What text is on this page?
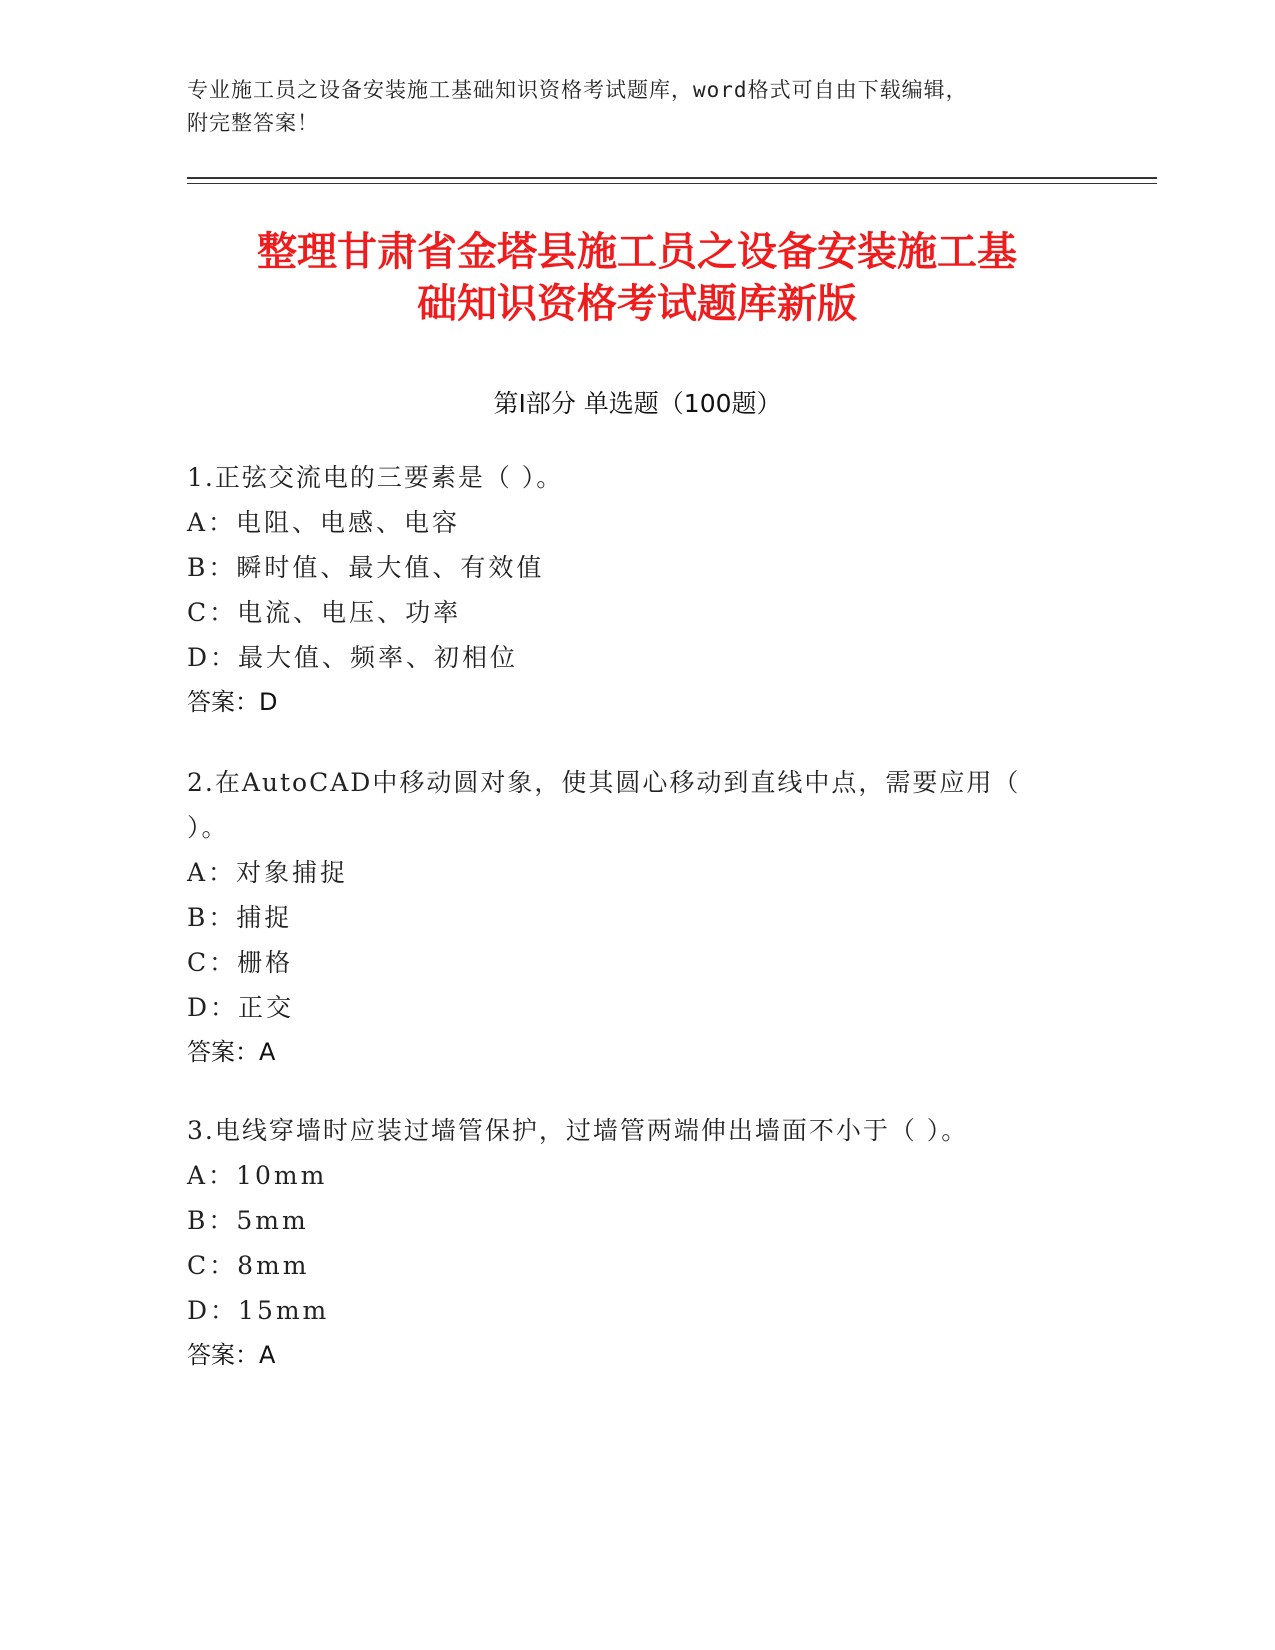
专业施工员之设备安装施工基础知识资格考试题库，word格式可自由下载编辑，
附完整答案！
整理甘肃省金塔县施工员之设备安装施工基
础知识资格考试题库新版
第Ⅰ部分 单选题（100题）
1.正弦交流电的三要素是（ ）。
A：电阻、电感、电容
B：瞬时值、最大值、有效值
C：电流、电压、功率
D：最大值、频率、初相位
答案：D
2.在AutoCAD中移动圆对象，使其圆心移动到直线中点，需要应用（ ）。
A：对象捕捉
B：捕捉
C：栅格
D：正交
答案：A
3.电线穿墙时应装过墙管保护，过墙管两端伸出墙面不小于（ ）。
A：10mm
B：5mm
C：8mm
D：15mm
答案：A
